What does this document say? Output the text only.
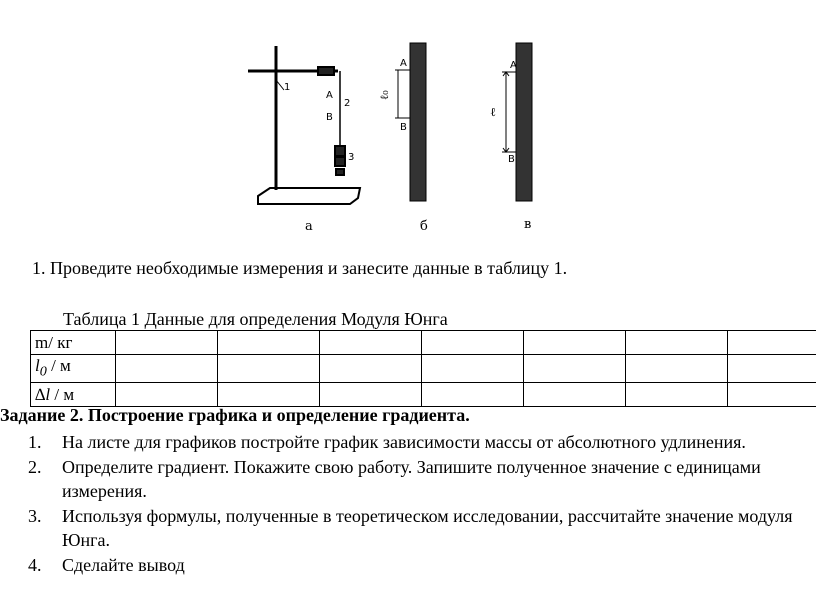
1
A
2
B
3
A
B
ℓ₀
A
B
ℓ
а	б	в
1. Проведите необходимые измерения и занесите данные в таблицу 1.
Таблица 1 Данные для определения Модуля Юнга
m/ кг							
$l_0$ / м							
∆l / м							
Задание 2. Построение графика и определение градиента.
1. На листе для графиков постройте график зависимости массы от абсолютного удлинения.
2. Определите градиент. Покажите свою работу. Запишите полученное значение с единицами измерения.
3. Используя формулы, полученные в теоретическом исследовании, рассчитайте значение модуля Юнга.
4. Сделайте вывод
